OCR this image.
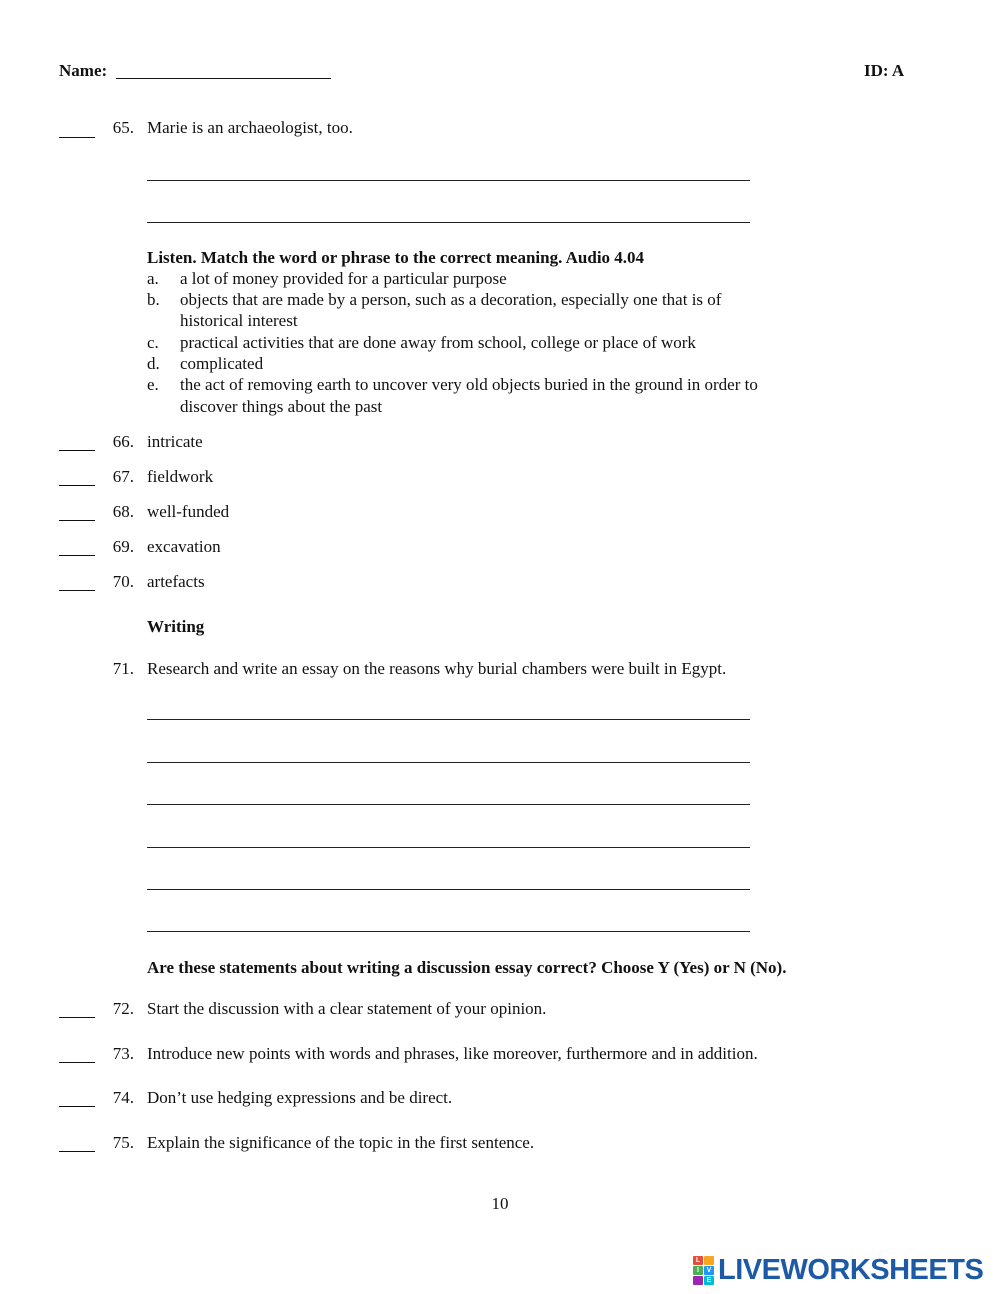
Name:	ID: A
65. Marie is an archaeologist, too.
Listen. Match the word or phrase to the correct meaning. Audio 4.04
a. a lot of money provided for a particular purpose
b. objects that are made by a person, such as a decoration, especially one that is of
historical interest
c. practical activities that are done away from school, college or place of work
d. complicated
e. the act of removing earth to uncover very old objects buried in the ground in order to
discover things about the past
66. intricate
67. fieldwork
68. well-funded
69. excavation
70. artefacts
Writing
71. Research and write an essay on the reasons why burial chambers were built in Egypt.
Are these statements about writing a discussion essay correct? Choose Y (Yes) or N (No).
72. Start the discussion with a clear statement of your opinion.
73. Introduce new points with words and phrases, like moreover, furthermore and in addition.
74. Don’t use hedging expressions and be direct.
75. Explain the significance of the topic in the first sentence.
10
L
I	V
E LIVEWORKSHEETS
